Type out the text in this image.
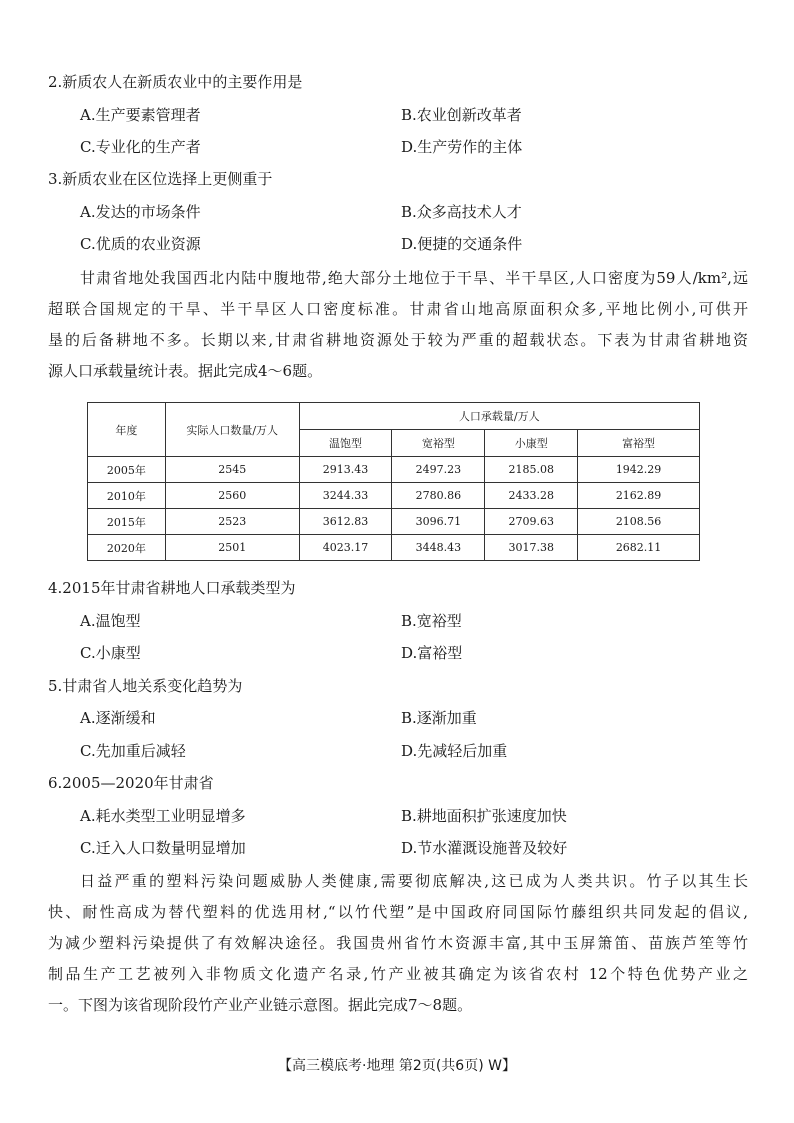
2.新质农人在新质农业中的主要作用是
A.生产要素管理者	B.农业创新改革者
C.专业化的生产者	D.生产劳作的主体
3.新质农业在区位选择上更侧重于
A.发达的市场条件	B.众多高技术人才
C.优质的农业资源	D.便捷的交通条件

甘肃省地处我国西北内陆中腹地带,绝大部分土地位于干旱、半干旱区,人口密度为59人/km²,远

超联合国规定的干旱、半干旱区人口密度标准。甘肃省山地高原面积众多,平地比例小,可供开

垦的后备耕地不多。长期以来,甘肃省耕地资源处于较为严重的超载状态。下表为甘肃省耕地资

源人口承载量统计表。据此完成4～6题。

年度	实际人口数量/万人	人口承载量/万人			
		温饱型	宽裕型	小康型	富裕型
2005年	2545	2913.43	2497.23	2185.08	1942.29
2010年	2560	3244.33	2780.86	2433.28	2162.89
2015年	2523	3612.83	3096.71	2709.63	2108.56
2020年	2501	4023.17	3448.43	3017.38	2682.11
4.2015年甘肃省耕地人口承载类型为
A.温饱型	B.宽裕型
C.小康型	D.富裕型
5.甘肃省人地关系变化趋势为
A.逐渐缓和	B.逐渐加重
C.先加重后减轻	D.先减轻后加重
6.2005—2020年甘肃省
A.耗水类型工业明显增多	B.耕地面积扩张速度加快
C.迁入人口数量明显增加	D.节水灌溉设施普及较好

日益严重的塑料污染问题威胁人类健康,需要彻底解决,这已成为人类共识。竹子以其生长

快、耐性高成为替代塑料的优选用材,“以竹代塑”是中国政府同国际竹藤组织共同发起的倡议,

为减少塑料污染提供了有效解决途径。我国贵州省竹木资源丰富,其中玉屏箫笛、苗族芦笙等竹

制品生产工艺被列入非物质文化遗产名录,竹产业被其确定为该省农村 12个特色优势产业之

一。下图为该省现阶段竹产业产业链示意图。据此完成7～8题。

【高三模底考·地理 第2页(共6页) W】
